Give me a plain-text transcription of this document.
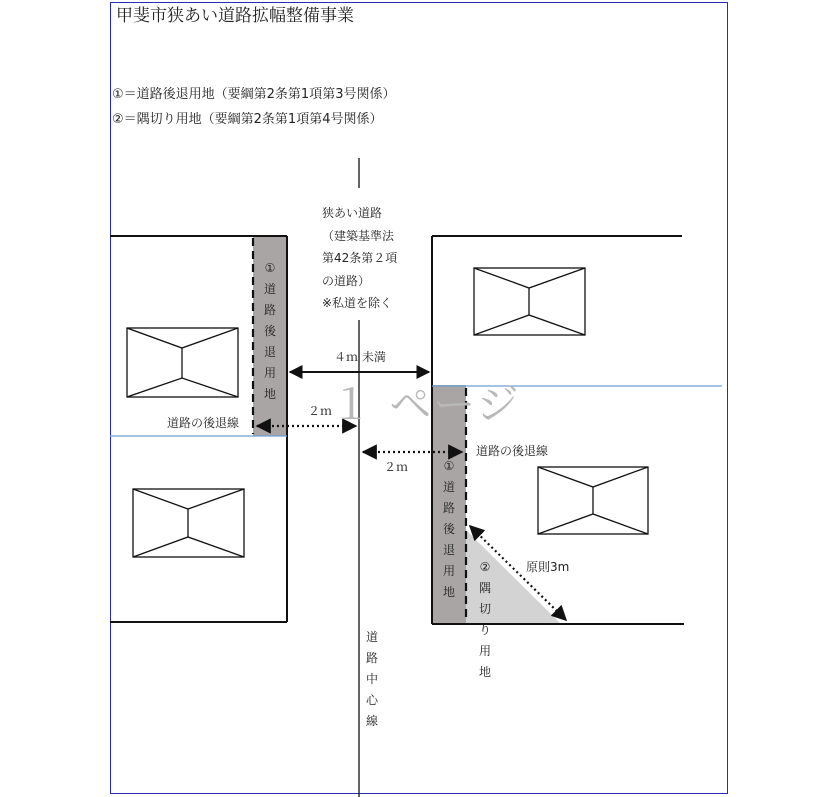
１ ページ
甲斐市狭あい道路拡幅整備事業
①＝道路後退用地（要綱第2条第1項第3号関係）
②＝隅切り用地（要綱第2条第1項第4号関係）
狭あい道路
（建築基準法
第42条第２項
の道路）
※私道を除く
４ｍ 未満
２ｍ
２ｍ
道路の後退線
道路の後退線
原則3m
①道路後退用地
①道路後退用地
②隅切り用地
道路中心線
